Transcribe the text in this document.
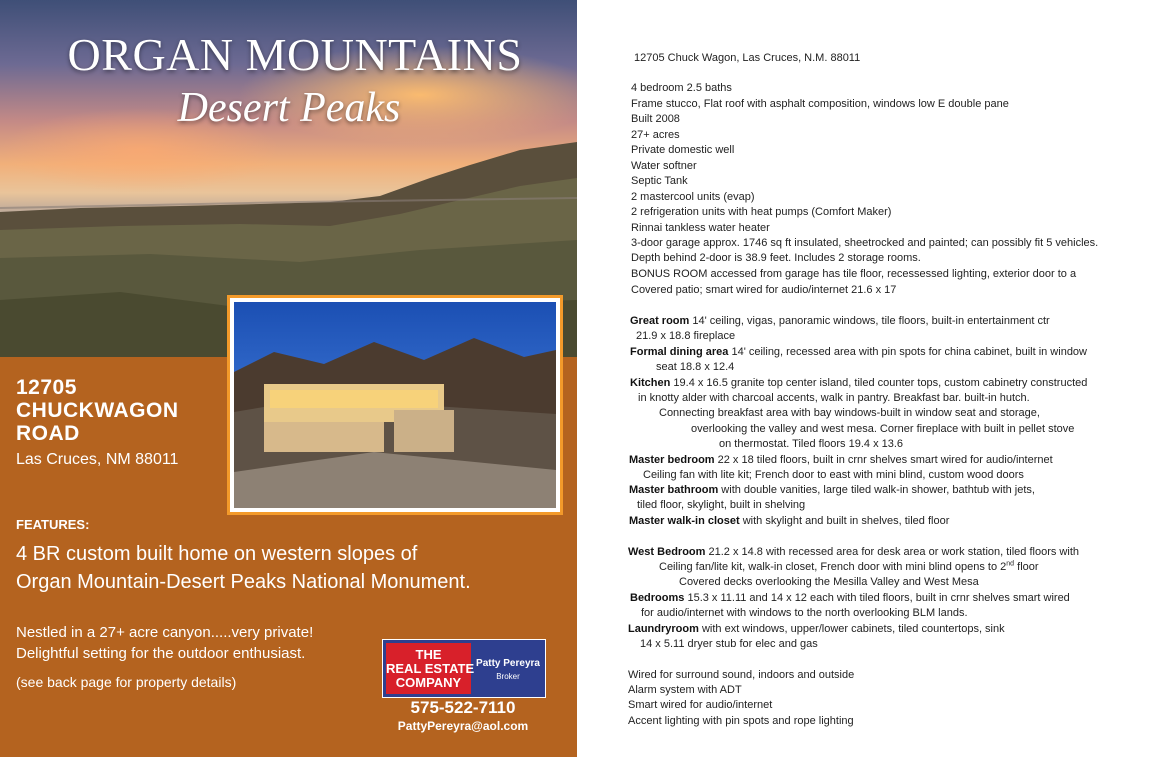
ORGAN MOUNTAINS
Desert Peaks
12705
CHUCKWAGON
ROAD
Las Cruces, NM 88011
FEATURES:
4 BR custom built home on western slopes of
Organ Mountain-Desert Peaks National Monument.
Nestled in a 27+ acre canyon.....very private!
Delightful setting for the outdoor enthusiast.
(see back page for property details)
THE
REAL ESTATE
COMPANY
Patty Pereyra
Broker
575-522-7110
PattyPereyra@aol.com
12705 Chuck Wagon, Las Cruces, N.M. 88011
4 bedroom 2.5 baths
Frame stucco, Flat roof with asphalt composition, windows low E double pane
Built 2008
27+ acres
Private domestic well
Water softner
Septic Tank
2 mastercool units (evap)
2 refrigeration units with heat pumps (Comfort Maker)
Rinnai tankless water heater
3-door garage approx. 1746 sq ft insulated, sheetrocked and painted; can possibly fit 5 vehicles.
Depth behind 2-door is 38.9 feet. Includes 2 storage rooms.
BONUS ROOM accessed from garage has tile floor, recessessed lighting, exterior door to a
Covered patio; smart wired for audio/internet 21.6 x 17
Great room 14' ceiling, vigas, panoramic windows, tile floors, built-in entertainment ctr
21.9 x 18.8 fireplace
Formal dining area 14' ceiling, recessed area with pin spots for china cabinet, built in window
seat 18.8 x 12.4
Kitchen 19.4 x 16.5 granite top center island, tiled counter tops, custom cabinetry constructed
in knotty alder with charcoal accents, walk in pantry. Breakfast bar. built-in hutch.
Connecting breakfast area with bay windows-built in window seat and storage,
overlooking the valley and west mesa. Corner fireplace with built in pellet stove
on thermostat. Tiled floors 19.4 x 13.6
Master bedroom 22 x 18 tiled floors, built in crnr shelves smart wired for audio/internet
Ceiling fan with lite kit; French door to east with mini blind, custom wood doors
Master bathroom with double vanities, large tiled walk-in shower, bathtub with jets,
tiled floor, skylight, built in shelving
Master walk-in closet with skylight and built in shelves, tiled floor
West Bedroom 21.2 x 14.8 with recessed area for desk area or work station, tiled floors with
Ceiling fan/lite kit, walk-in closet, French door with mini blind opens to 2nd floor
Covered decks overlooking the Mesilla Valley and West Mesa
Bedrooms 15.3 x 11.11 and 14 x 12 each with tiled floors, built in crnr shelves smart wired
for audio/internet with windows to the north overlooking BLM lands.
Laundryroom with ext windows, upper/lower cabinets, tiled countertops, sink
14 x 5.11 dryer stub for elec and gas
Wired for surround sound, indoors and outside
Alarm system with ADT
Smart wired for audio/internet
Accent lighting with pin spots and rope lighting
